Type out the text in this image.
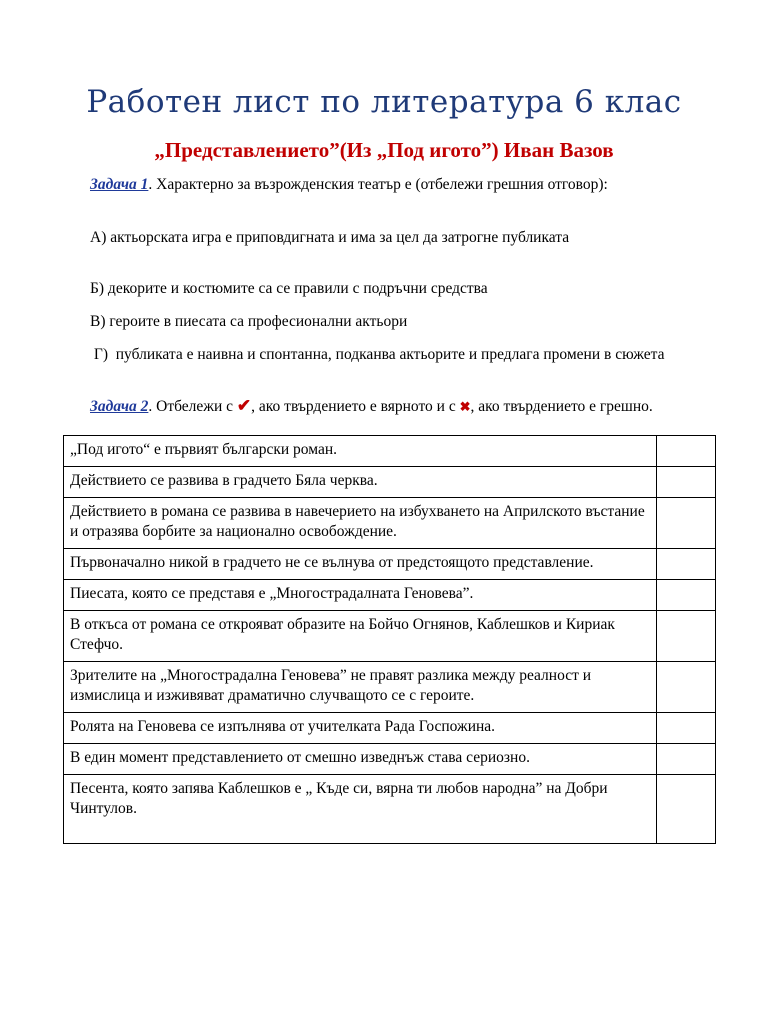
Работен лист по литература 6 клас
„Представлението”(Из „Под игото”) Иван Вазов
Задача 1. Характерно за възрожденския театър е (отбележи грешния отговор):
А) актьорската игра е приповдигната и има за цел да затрогне публиката
Б) декорите и костюмите са се правили с подръчни средства
В) героите в пиесата са професионални актьори
Г)  публиката е наивна и спонтанна, подканва актьорите и предлага промени в сюжета
Задача 2. Отбележи с ✔, ако твърдението е вярното и с ✖, ако твърдението е грешно.
„Под игото“ е първият български роман.	
Действието се развива в градчето Бяла черква.	
Действието в романа се развива в навечерието на избухването на Априлското въстание и отразява борбите за национално освобождение.	
Първоначално никой в градчето не се вълнува от предстоящото представление.	
Пиесата, която се представя е „Многострадалната Геновева”.	
В откъса от романа се открояват образите на Бойчо Огнянов, Каблешков и Кириак Стефчо.	
Зрителите на „Многострадална Геновева” не правят разлика между реалност и измислица и изживяват драматично случващото се с героите.	
Ролята на Геновева се изпълнява от учителката Рада Госпожина.	
В един момент представлението от смешно изведнъж става сериозно.	
Песента, която запява Каблешков е „ Къде си, вярна ти любов народна” на Добри Чинтулов.	
